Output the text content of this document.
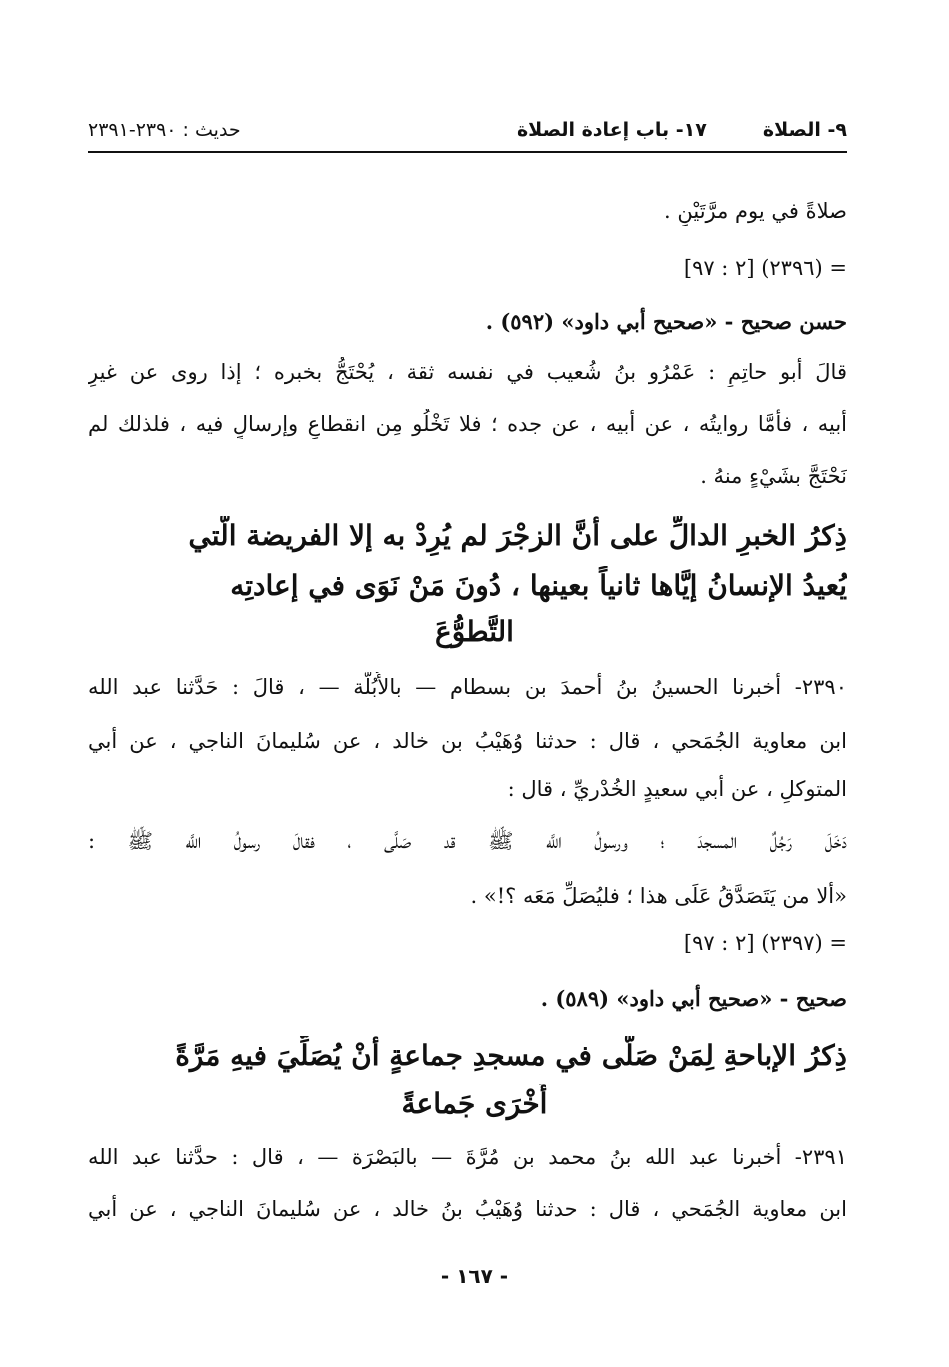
٩- الصلاة
١٧- باب إعادة الصلاة
حديث : ٢٣٩٠-٢٣٩١
صلاةً في يوم مرَّتَيْنِ .
= (٢٣٩٦) [٢ : ٩٧]
حسن صحيح - «صحيح أبي داود» (٥٩٢) .
قالَ أبو حاتِمٍ : عَمْرُو بنُ شُعيب في نفسه ثقة ، يُحْتَجُّ بخبره ؛ إذا روى عن غيرِ
أبيه ، فأمَّا روايتُه ، عن أبيه ، عن جده ؛ فلا تَخْلُو مِن انقطاعٍ وإرسالٍ فيه ، فلذلك لم
نَحْتَجَّ بشَيْءٍ منهُ .
ذِكرُ الخبرِ الدالِّ على أنَّ الزجْرَ لم يُرِدْ به إلا الفريضة الّتي
يُعيدُ الإنسانُ إيَّاها ثانياً بعينها ، دُونَ مَنْ نَوَى في إعادتِه
التَّطوُّعَ
٢٣٩٠- أخبرنا الحسينُ بنُ أحمدَ بن بسطام — بالأُبُلَّة — ، قالَ : حَدَّثنا عبد الله
ابن معاوية الجُمَحي ، قال : حدثنا وُهَيْبُ بن خالد ، عن سُليمانَ الناجي ، عن أبي
المتوكلِ ، عن أبي سعيدٍ الخُدْريِّ ، قال :
دَخَلَ رَجُلٌ المسجدَ ؛ ورسولُ اللَّه ﷺ قد صَلَّى ، فقالَ رسولُ اللَّه ﷺ :
«ألا من يَتَصَدَّقُ عَلَى هذا ؛ فليُصَلِّ مَعَه ؟!» .
= (٢٣٩٧) [٢ : ٩٧]
صحيح - «صحيح أبي داود» (٥٨٩) .
ذِكرُ الإباحةِ لِمَنْ صَلَّى في مسجدِ جماعةٍ أنْ يُصَلِّيَ فيهِ مَرَّةً
أُخْرَى جَماعةً
٢٣٩١- أخبرنا عبد الله بنُ محمد بن مُرَّةَ — بالبَصْرَة — ، قال : حدَّثنا عبد الله
ابن معاوية الجُمَحي ، قال : حدثنا وُهَيْبُ بنُ خالد ، عن سُليمانَ الناجي ، عن أبي
- ١٦٧ -
